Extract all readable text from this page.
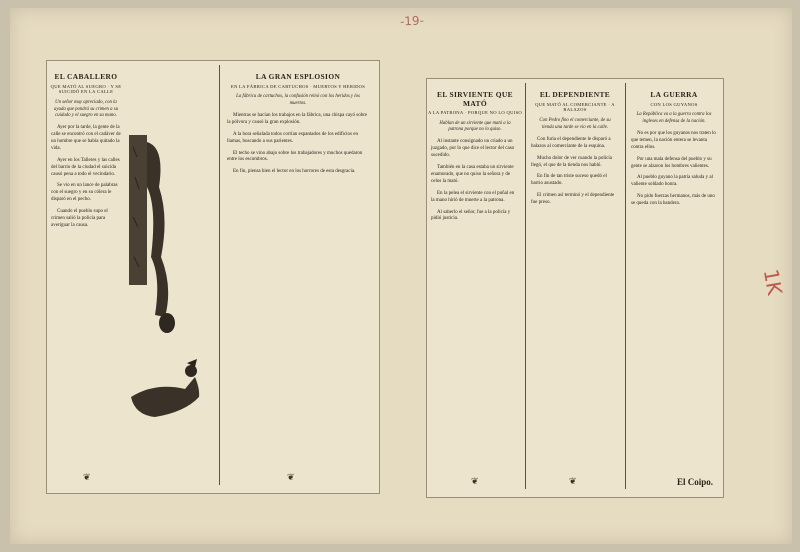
-19-
1K
EL CABALLERO
QUE MATÓ AL SUEGRO · Y SE SUICIDÓ EN LA CALLE
Un señor muy apreciado, con la ayuda que pondrá su crimen a su cuidado y el suegro en su mano.

Ayer por la tarde, la gente de la calle se encontró con el cadáver de un hombre que se había quitado la vida.

Ayer en los Talleres y las calles del barrio de la ciudad el suicida causó pena a todo el vecindario.

Se vio en un lance de palabras con el suegro y en su cólera le disparó en el pecho.

Cuando el pueblo supo el crimen salió la policía para averiguar la causa.

❦
LA GRAN ESPLOSION
EN LA FÁBRICA DE CARTUCHOS · MUERTOS Y HERIDOS
La fábrica de cartuchos, la confusión reinó con los heridos y los muertos.

Mientras se hacían los trabajos en la fábrica, una chispa cayó sobre la pólvora y causó la gran explosión.

A la hora señalada todos corrían espantados de los edificios en llamas, buscando a sus parientes.

El techo se vino abajo sobre los trabajadores y muchos quedaron entre los escombros.

En fin, piensa bien el lector en los horrores de esta desgracia.

❦
EL SIRVIENTE QUE MATÓ
A LA PATRONA · PORQUE NO LO QUISO
Hablan de un sirviente que mató a la patrona porque no lo quiso.

Al instante consignado un criado a un juzgado, por lo que dice el lector del caso sucedido.

También en la casa estaba un sirviente enamorado, que no quiso la señora y de celos la mató.

En la pelea el sirviente con el puñal en la mano hirió de muerte a la patrona.

Al saberlo el señor, fue a la policía y pidió justicia.

❦
EL DEPENDIENTE
QUE MATÓ AL COMERCIANTE · A BALAZOS
Con Pedro fino el comerciante, de su tienda una tarde se vio en la calle.

Con furia el dependiente le disparó a balazos al comerciante de la esquina.

Mucho dolor de ver cuando la policía llegó, el que de la tienda nos habló.

En fin de tan triste suceso quedó el barrio asustado.

El crimen así terminó y el dependiente fue preso.

❦
LA GUERRA
CON LOS GUYANOS
La República va a la guerra contra los ingleses en defensa de la nación.

No es por que los guyanos nos traten lo que temen, la nación entera se levanta contra ellos.

Por una mala defensa del pueblo y su gente se alzaron los hombres valientes.

Al pueblo guyano la patria saluda y al valiente soldado honra.

No pido fuerzas hermanos, más de uno se queda con la bandera.

El Coipo.
